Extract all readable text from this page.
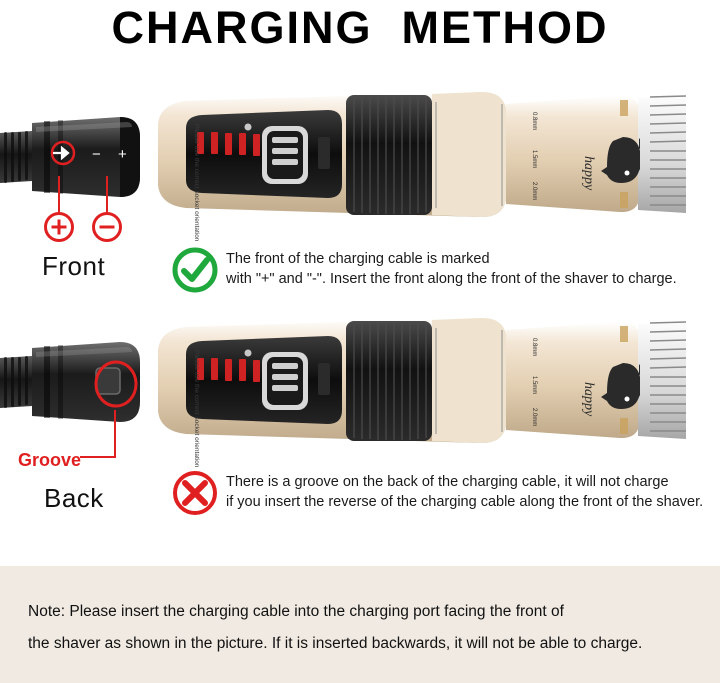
CHARGING  METHOD
− +
Front
Please use the correct socket orientation
0.8mm
1.5mm
2.0mm
happy
The front of the charging cable is marked
with "+" and "-". Insert the front along the front of the shaver to charge.
Groove
Back
Please use the correct socket orientation
0.8mm
1.5mm
2.0mm
happy
There is a groove on the back of the charging cable, it will not charge
if you insert the reverse of the charging cable along the front of the shaver.
Note: Please insert the charging cable into the charging port facing the front of
the shaver as shown in the picture. If it is inserted backwards, it will not be able to charge.
